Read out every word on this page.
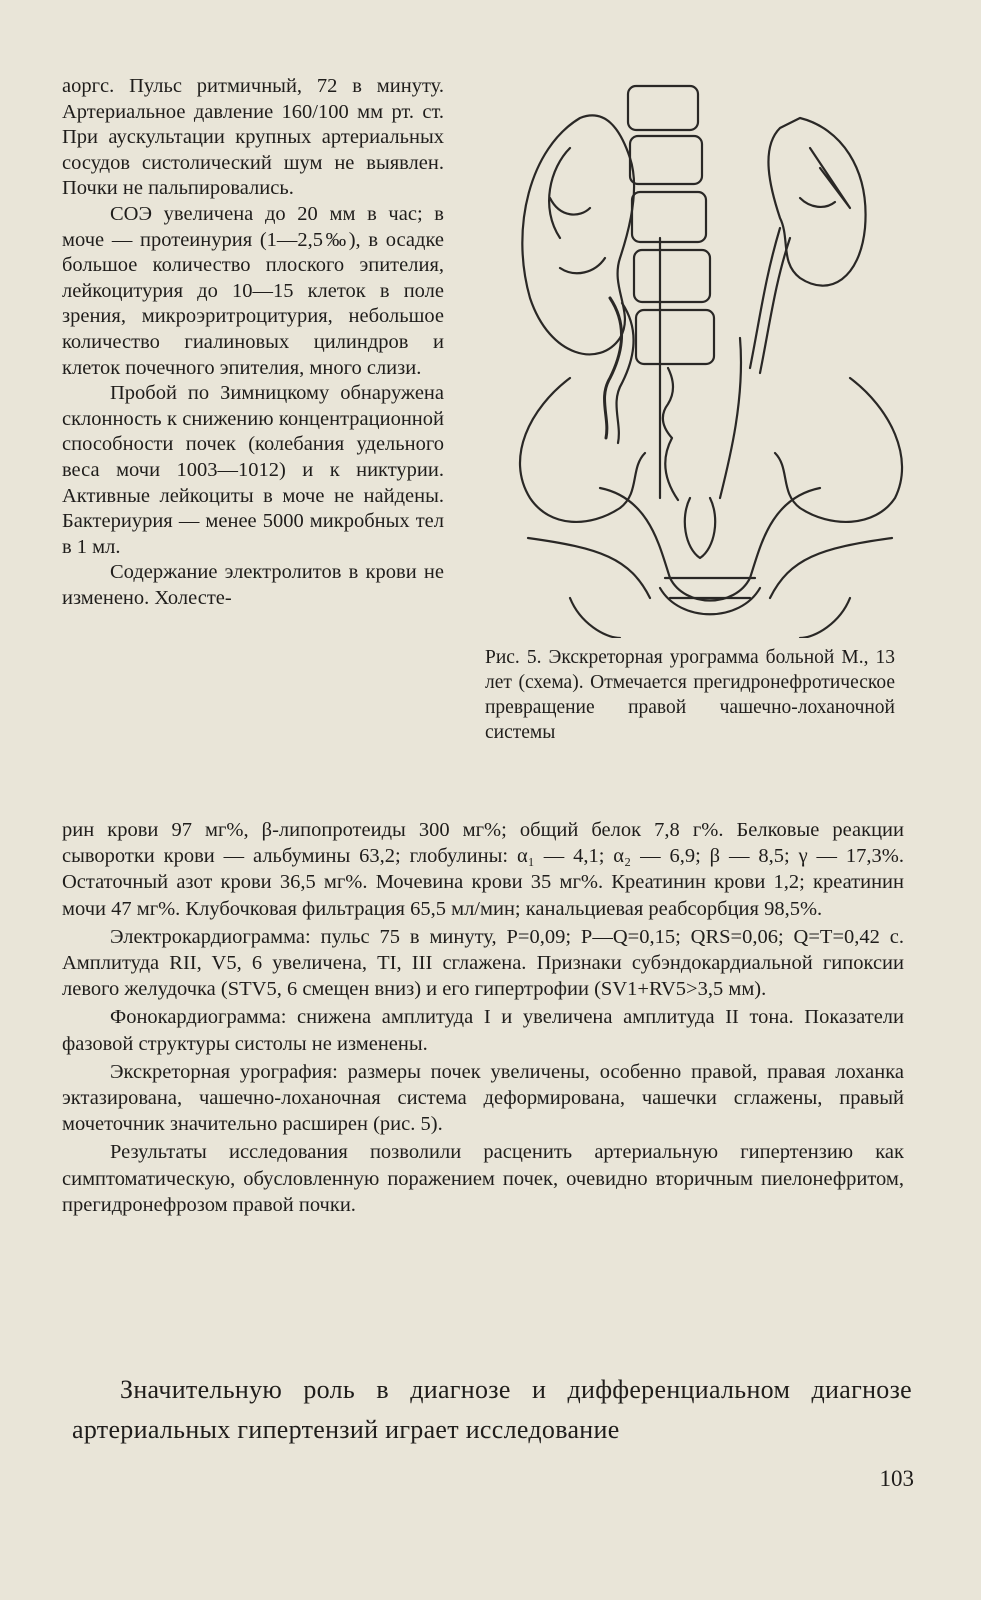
аоргс. Пульс ритмичный, 72 в минуту. Артериальное давление 160/100 мм рт. ст. При аускультации крупных артериальных сосудов систолический шум не выявлен. Почки не пальпировались.

СОЭ увеличена до 20 мм в час; в моче — протеинурия (1—2,5‰), в осадке большое количество плоского эпителия, лейкоцитурия до 10—15 клеток в поле зрения, микроэритроцитурия, небольшое количество гиалиновых цилиндров и клеток почечного эпителия, много слизи.

Пробой по Зимницкому обнаружена склонность к снижению концентрационной способности почек (колебания удельного веса мочи 1003—1012) и к никтурии. Активные лейкоциты в моче не найдены. Бактериурия — менее 5000 микробных тел в 1 мл.

Содержание электролитов в крови не изменено. Холесте-

Рис. 5. Экскреторная урограмма больной М., 13 лет (схема). Отмечается прегидронефротическое превращение правой чашечно-лоханочной системы

рин крови 97 мг%, β-липопротеиды 300 мг%; общий белок 7,8 г%. Белковые реакции сыворотки крови — альбумины 63,2; глобулины: α₁ — 4,1; α₂ — 6,9; β — 8,5; γ — 17,3%. Остаточный азот крови 36,5 мг%. Мочевина крови 35 мг%. Креатинин крови 1,2; креатинин мочи 47 мг%. Клубочковая фильтрация 65,5 мл/мин; канальциевая реабсорбция 98,5%.

Электрокардиограмма: пульс 75 в минуту, P=0,09; P—Q=0,15; QRS=0,06; Q=T=0,42 с. Амплитуда RII, V5, 6 увеличена, TI, III сглажена. Признаки субэндокардиальной гипоксии левого желудочка (STV5, 6 смещен вниз) и его гипертрофии (SV1+RV5>3,5 мм).

Фонокардиограмма: снижена амплитуда I и увеличена амплитуда II тона. Показатели фазовой структуры систолы не изменены.

Экскреторная урография: размеры почек увеличены, особенно правой, правая лоханка эктазирована, чашечно-лоханочная система деформирована, чашечки сглажены, правый мочеточник значительно расширен (рис. 5).

Результаты исследования позволили расценить артериальную гипертензию как симптоматическую, обусловленную поражением почек, очевидно вторичным пиелонефритом, прегидронефрозом правой почки.

Значительную роль в диагнозе и дифференциальном диагнозе артериальных гипертензий играет исследование

103
